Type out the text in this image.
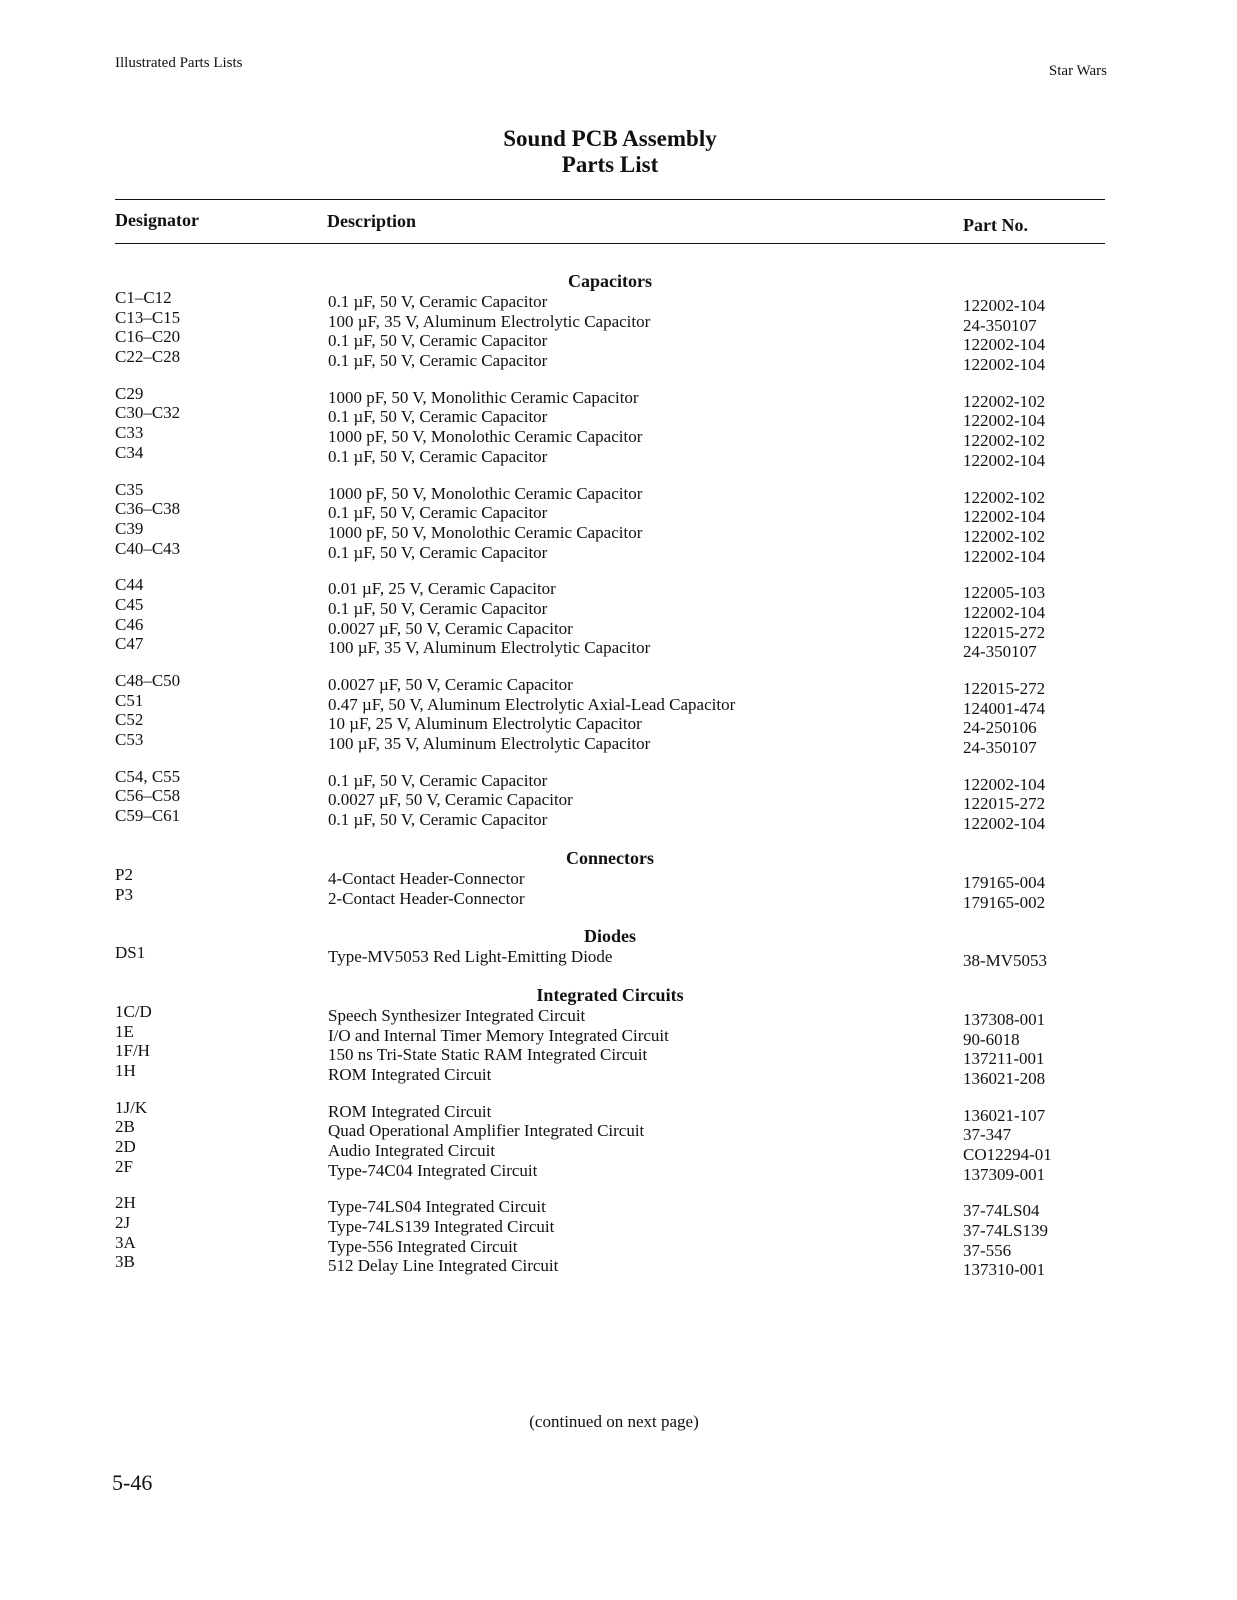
Illustrated Parts Lists	Star Wars
Sound PCB Assembly
Parts List
Designator	Description	Part No.
Capacitors
C1–C12	0.1 µF, 50 V, Ceramic Capacitor	122002-104
C13–C15	100 µF, 35 V, Aluminum Electrolytic Capacitor	24-350107
C16–C20	0.1 µF, 50 V, Ceramic Capacitor	122002-104
C22–C28	0.1 µF, 50 V, Ceramic Capacitor	122002-104
C29	1000 pF, 50 V, Monolithic Ceramic Capacitor	122002-102
C30–C32	0.1 µF, 50 V, Ceramic Capacitor	122002-104
C33	1000 pF, 50 V, Monolothic Ceramic Capacitor	122002-102
C34	0.1 µF, 50 V, Ceramic Capacitor	122002-104
C35	1000 pF, 50 V, Monolothic Ceramic Capacitor	122002-102
C36–C38	0.1 µF, 50 V, Ceramic Capacitor	122002-104
C39	1000 pF, 50 V, Monolothic Ceramic Capacitor	122002-102
C40–C43	0.1 µF, 50 V, Ceramic Capacitor	122002-104
C44	0.01 µF, 25 V, Ceramic Capacitor	122005-103
C45	0.1 µF, 50 V, Ceramic Capacitor	122002-104
C46	0.0027 µF, 50 V, Ceramic Capacitor	122015-272
C47	100 µF, 35 V, Aluminum Electrolytic Capacitor	24-350107
C48–C50	0.0027 µF, 50 V, Ceramic Capacitor	122015-272
C51	0.47 µF, 50 V, Aluminum Electrolytic Axial-Lead Capacitor	124001-474
C52	10 µF, 25 V, Aluminum Electrolytic Capacitor	24-250106
C53	100 µF, 35 V, Aluminum Electrolytic Capacitor	24-350107
C54, C55	0.1 µF, 50 V, Ceramic Capacitor	122002-104
C56–C58	0.0027 µF, 50 V, Ceramic Capacitor	122015-272
C59–C61	0.1 µF, 50 V, Ceramic Capacitor	122002-104
Connectors
P2	4-Contact Header-Connector	179165-004
P3	2-Contact Header-Connector	179165-002
Diodes
DS1	Type-MV5053 Red Light-Emitting Diode	38-MV5053
Integrated Circuits
1C/D	Speech Synthesizer Integrated Circuit	137308-001
1E	I/O and Internal Timer Memory Integrated Circuit	90-6018
1F/H	150 ns Tri-State Static RAM Integrated Circuit	137211-001
1H	ROM Integrated Circuit	136021-208
1J/K	ROM Integrated Circuit	136021-107
2B	Quad Operational Amplifier Integrated Circuit	37-347
2D	Audio Integrated Circuit	CO12294-01
2F	Type-74C04 Integrated Circuit	137309-001
2H	Type-74LS04 Integrated Circuit	37-74LS04
2J	Type-74LS139 Integrated Circuit	37-74LS139
3A	Type-556 Integrated Circuit	37-556
3B	512 Delay Line Integrated Circuit	137310-001
(continued on next page)
5-46
